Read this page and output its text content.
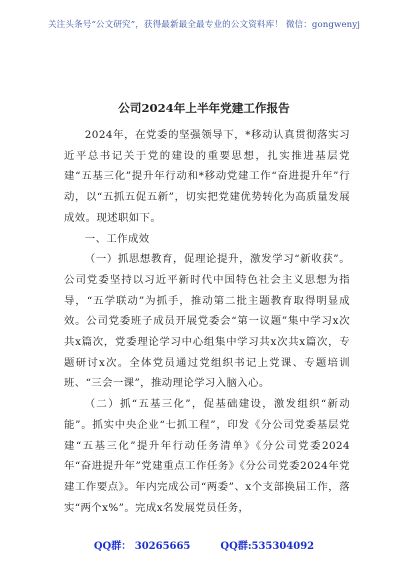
关注头条号“公文研究”，获得最新最全最专业的公文资料库！ 微信：gongwenyj
公司2024年上半年党建工作报告

2024年，在党委的坚强领导下，*移动认真贯彻落实习近平总书记关于党的建设的重要思想，扎实推进基层党建“五基三化”提升年行动和*移动党建工作“奋进提升年”行动，以“五抓五促五新”，切实把党建优势转化为高质量发展成效。现述职如下。

一、工作成效

（一）抓思想教育，促理论提升，激发学习“新收获”。公司党委坚持以习近平新时代中国特色社会主义思想为指导，“五学联动”为抓手，推动第二批主题教育取得明显成效。公司党委班子成员开展党委会“第一议题”集中学习x次共x篇次，党委理论学习中心组集中学习共x次共x篇次，专题研讨x次。全体党员通过党组织书记上党课、专题培训班、“三会一课”，推动理论学习入脑入心。

（二）抓“五基三化”，促基础建设，激发组织“新动能”。抓实中央企业“七抓工程”，印发《分公司党委基层党建“五基三化”提升年行动任务清单》《分公司党委2024年“奋进提升年”党建重点工作任务》《分公司党委2024年党建工作要点》。年内完成公司“两委”、x个支部换届工作，落实“两个x%”。完成x名发展党员任务，

QQ群： 30265665	QQ群:535304092
